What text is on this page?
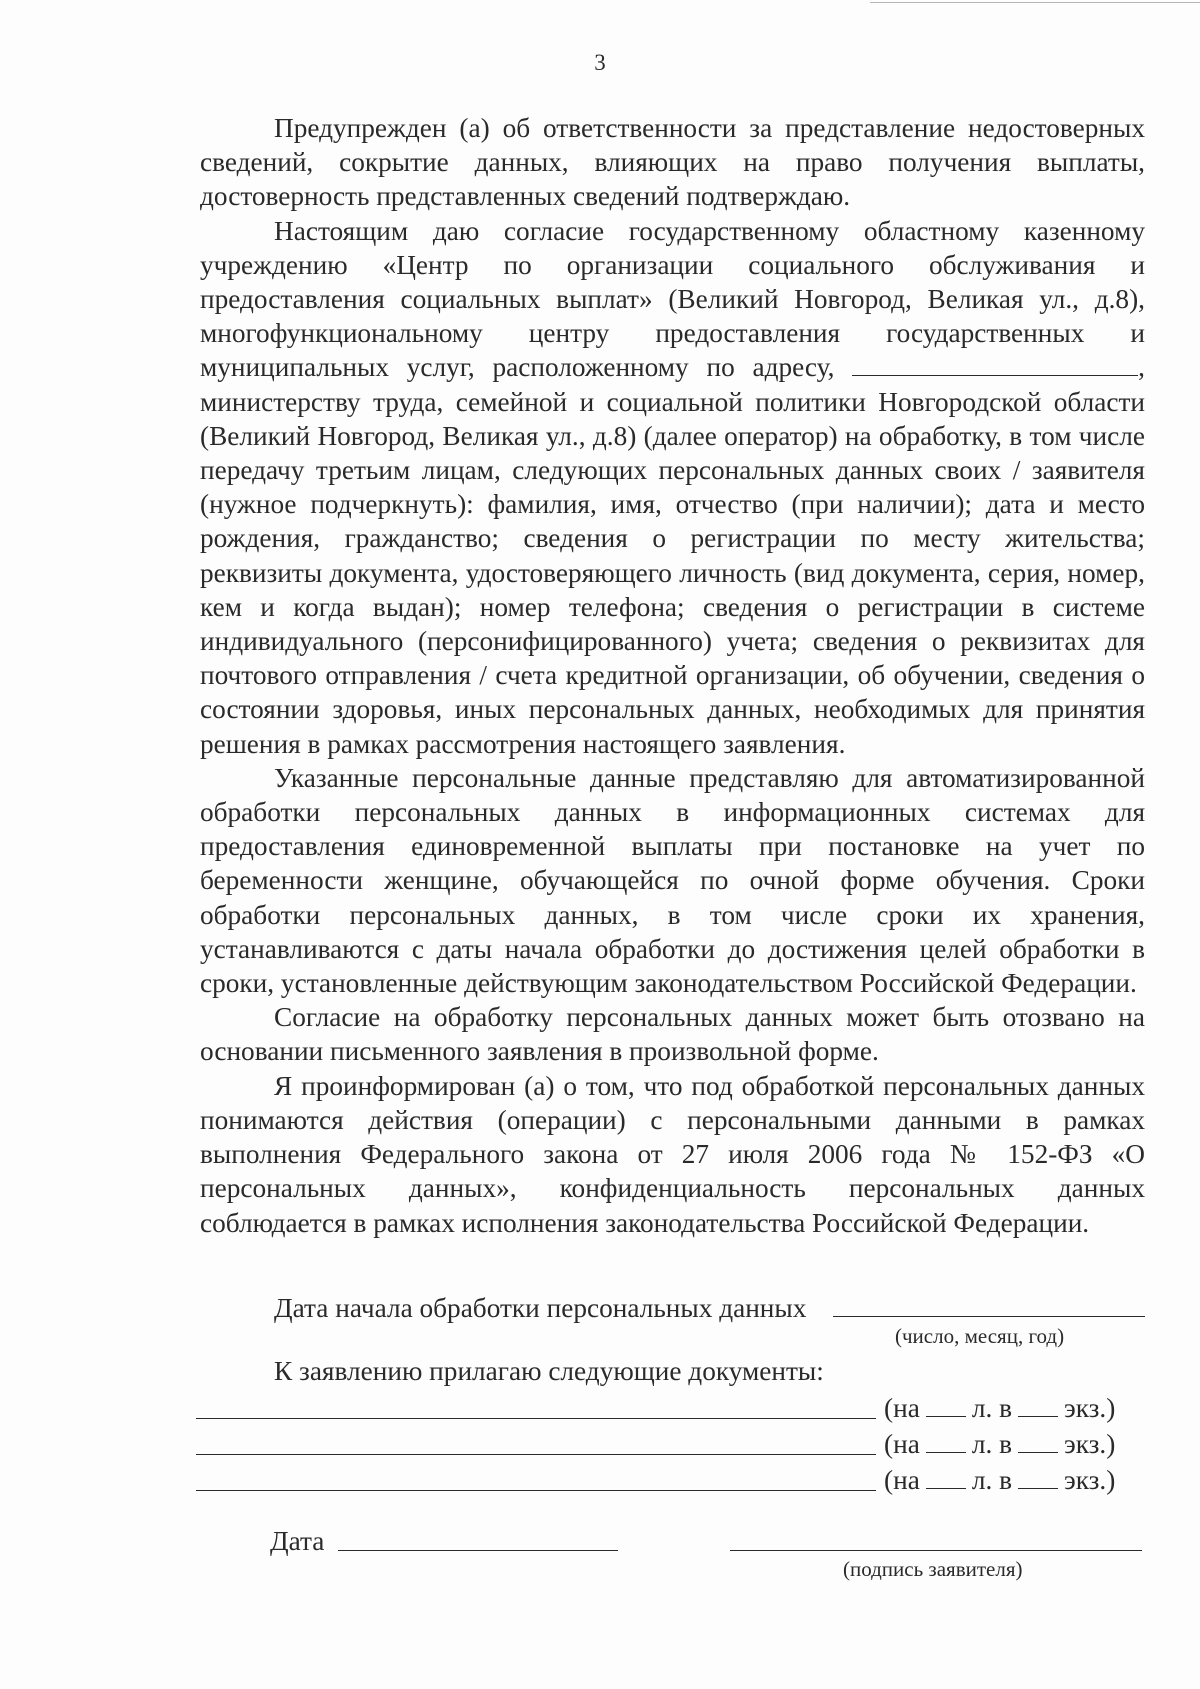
3

Предупрежден (а) об ответственности за представление недостоверных сведений, сокрытие данных, влияющих на право получения выплаты, достоверность представленных сведений подтверждаю.

Настоящим даю согласие государственному областному казенному учреждению «Центр по организации социального обслуживания и предоставления социальных выплат» (Великий Новгород, Великая ул., д.8), многофункциональному центру предоставления государственных и муниципальных услуг, расположенному по адресу,	, министерству труда, семейной и социальной политики Новгородской области (Великий Новгород, Великая ул., д.8) (далее оператор) на обработку, в том числе передачу третьим лицам, следующих персональных данных своих / заявителя (нужное подчеркнуть): фамилия, имя, отчество (при наличии); дата и место рождения, гражданство; сведения о регистрации по месту жительства; реквизиты документа, удостоверяющего личность (вид документа, серия, номер, кем и когда выдан); номер телефона; сведения о регистрации в системе индивидуального (персонифицированного) учета; сведения о реквизитах для почтового отправления / счета кредитной организации, об обучении, сведения о состоянии здоровья, иных персональных данных, необходимых для принятия решения в рамках рассмотрения настоящего заявления.

Указанные персональные данные представляю для автоматизированной обработки персональных данных в информационных системах для предоставления единовременной выплаты при постановке на учет по беременности женщине, обучающейся по очной форме обучения. Сроки обработки персональных данных, в том числе сроки их хранения, устанавливаются с даты начала обработки до достижения целей обработки в сроки, установленные действующим законодательством Российской Федерации.

Согласие на обработку персональных данных может быть отозвано на основании письменного заявления в произвольной форме.

Я проинформирован (а) о том, что под обработкой персональных данных понимаются действия (операции) с персональными данными в рамках выполнения Федерального закона от 27 июля 2006 года № 152-ФЗ «О персональных данных», конфиденциальность персональных данных соблюдается в рамках исполнения законодательства Российской Федерации.

Дата начала обработки персональных данных
(число, месяц, год)
К заявлению прилагаю следующие документы:
(на л. в экз.)
(на л. в экз.)
(на л. в экз.)
Дата
(подпись заявителя)
